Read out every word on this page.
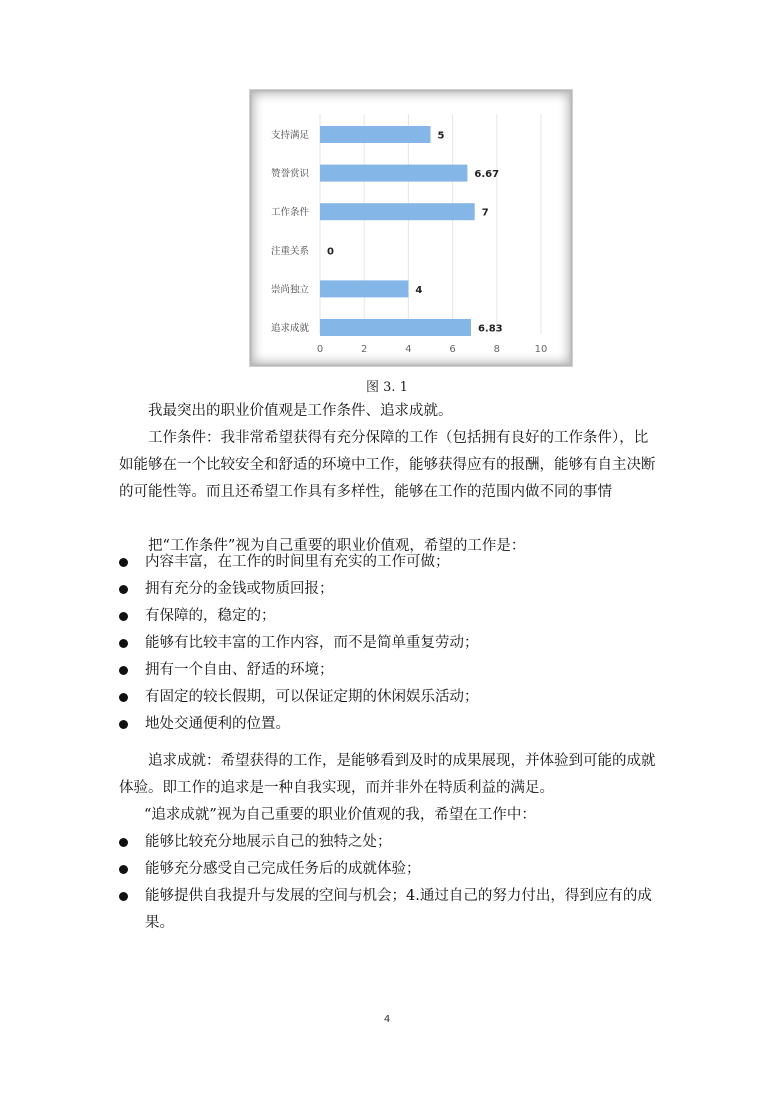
0	2	4	6	8	10
支持满足	5
赞誉赏识	6.67
工作条件	7
注重关系 0
崇尚独立	4
追求成就	6.83
图 3. 1

我最突出的职业价值观是工作条件、追求成就。

工作条件：我非常希望获得有充分保障的工作（包括拥有良好的工作条件），比如能够在一个比较安全和舒适的环境中工作，能够获得应有的报酬，能够有自主决断的可能性等。而且还希望工作具有多样性，能够在工作的范围内做不同的事情

把“工作条件”视为自己重要的职业价值观，希望的工作是：

内容丰富，在工作的时间里有充实的工作可做；
拥有充分的金钱或物质回报；
有保障的，稳定的；
能够有比较丰富的工作内容，而不是简单重复劳动；
拥有一个自由、舒适的环境；
有固定的较长假期，可以保证定期的休闲娱乐活动；
地处交通便利的位置。

追求成就：希望获得的工作，是能够看到及时的成果展现，并体验到可能的成就体验。即工作的追求是一种自我实现，而并非外在特质利益的满足。

“追求成就”视为自己重要的职业价值观的我，希望在工作中：

能够比较充分地展示自己的独特之处；
能够充分感受自己完成任务后的成就体验；
能够提供自我提升与发展的空间与机会；4.通过自己的努力付出，得到应有的成果。
4
